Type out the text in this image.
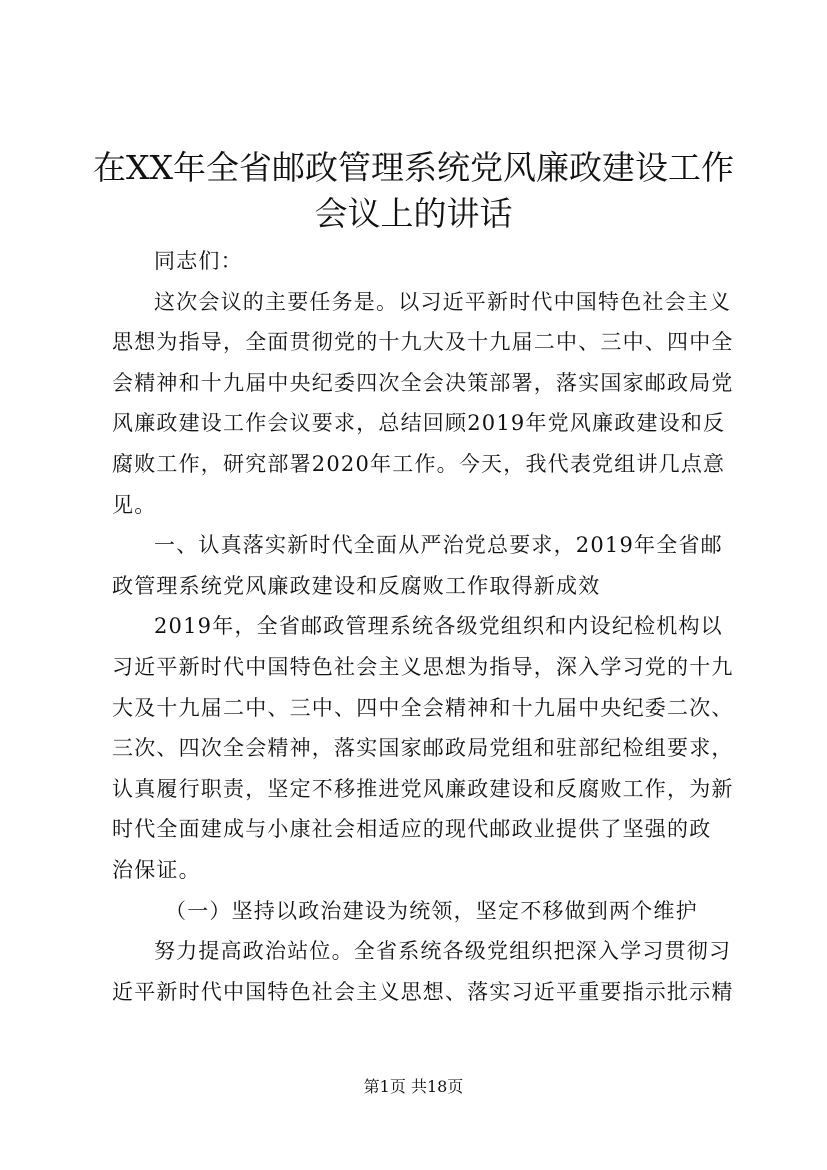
在XX年全省邮政管理系统党风廉政建设工作
会议上的讲话
同志们：
这次会议的主要任务是。以习近平新时代中国特色社会主义
思想为指导，全面贯彻党的十九大及十九届二中、三中、四中全
会精神和十九届中央纪委四次全会决策部署，落实国家邮政局党
风廉政建设工作会议要求，总结回顾2019年党风廉政建设和反
腐败工作，研究部署2020年工作。今天，我代表党组讲几点意
见。
一、认真落实新时代全面从严治党总要求，2019年全省邮
政管理系统党风廉政建设和反腐败工作取得新成效
2019年，全省邮政管理系统各级党组织和内设纪检机构以
习近平新时代中国特色社会主义思想为指导，深入学习党的十九
大及十九届二中、三中、四中全会精神和十九届中央纪委二次、
三次、四次全会精神，落实国家邮政局党组和驻部纪检组要求，
认真履行职责，坚定不移推进党风廉政建设和反腐败工作，为新
时代全面建成与小康社会相适应的现代邮政业提供了坚强的政
治保证。
（一）坚持以政治建设为统领，坚定不移做到两个维护
努力提高政治站位。全省系统各级党组织把深入学习贯彻习
近平新时代中国特色社会主义思想、落实习近平重要指示批示精
第1页 共18页
